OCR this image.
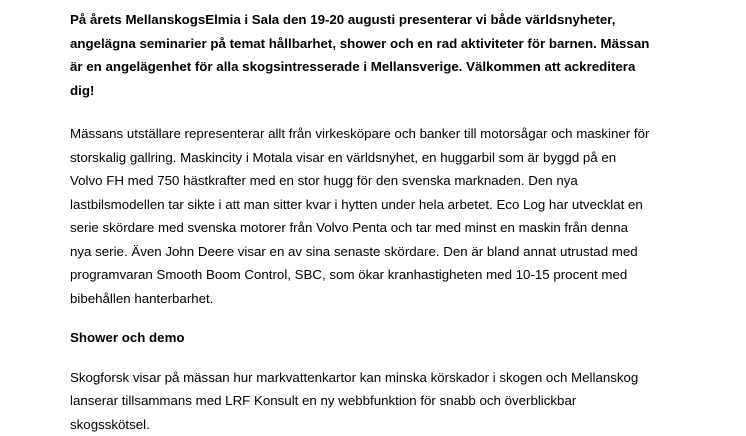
På årets MellanskogsElmia i Sala den 19-20 augusti presenterar vi både världsnyheter,
angelägna seminarier på temat hållbarhet, shower och en rad aktiviteter för barnen. Mässan
är en angelägenhet för alla skogsintresserade i Mellansverige. Välkommen att ackreditera
dig!

Mässans utställare representerar allt från virkesköpare och banker till motorsågar och maskiner för
storskalig gallring. Maskincity i Motala visar en världsnyhet, en huggarbil som är byggd på en
Volvo FH med 750 hästkrafter med en stor hugg för den svenska marknaden. Den nya
lastbilsmodellen tar sikte i att man sitter kvar i hytten under hela arbetet. Eco Log har utvecklat en
serie skördare med svenska motorer från Volvo Penta och tar med minst en maskin från denna
nya serie. Även John Deere visar en av sina senaste skördare. Den är bland annat utrustad med
programvaran Smooth Boom Control, SBC, som ökar kranhastigheten med 10-15 procent med
bibehållen hanterbarhet.

Shower och demo

Skogforsk visar på mässan hur markvattenkartor kan minska körskador i skogen och Mellanskog
lanserar tillsammans med LRF Konsult en ny webbfunktion för snabb och överblickbar
skogsskötsel.
